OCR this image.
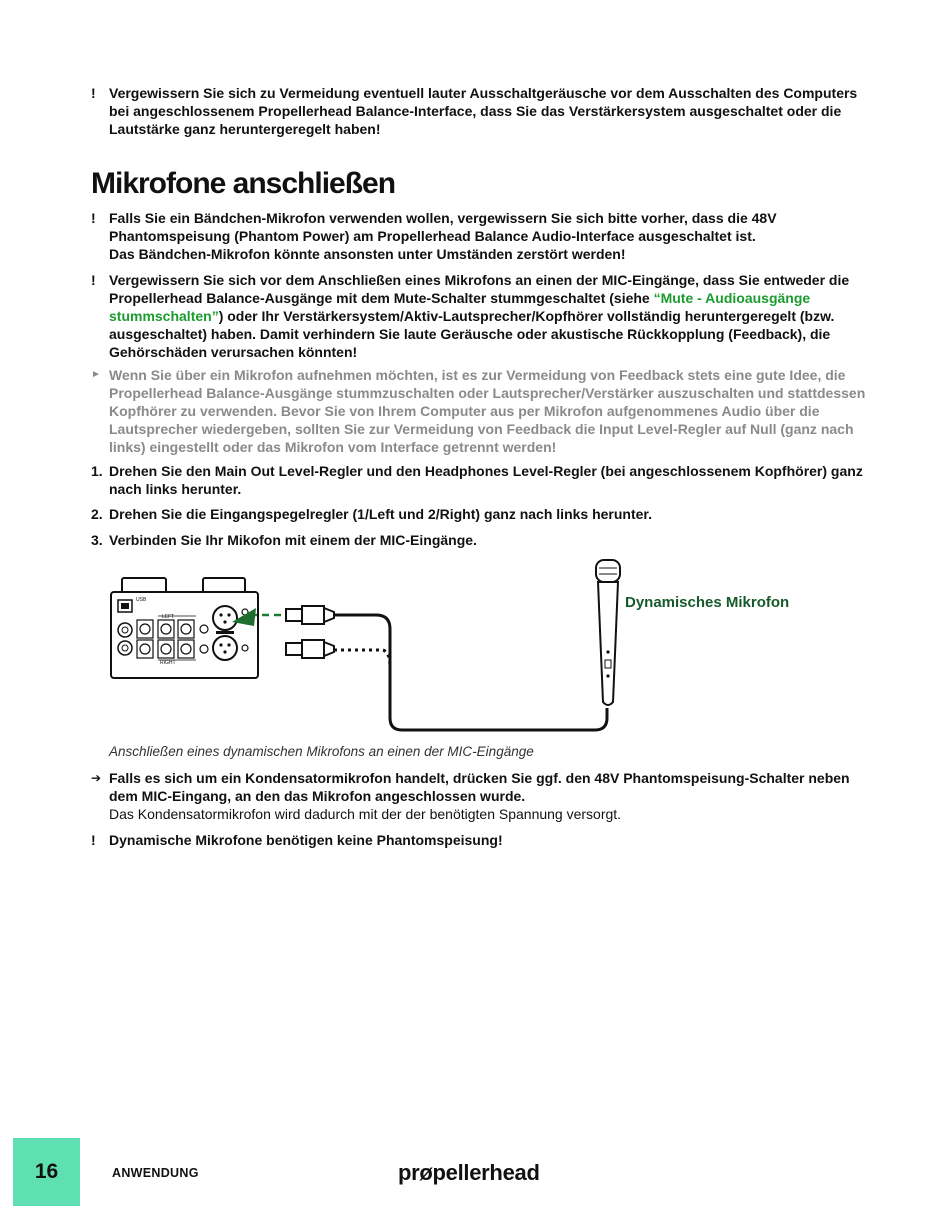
! Vergewissern Sie sich zu Vermeidung eventuell lauter Ausschaltgeräusche vor dem Ausschalten des Computers bei angeschlossenem Propellerhead Balance-Interface, dass Sie das Verstärkersystem ausgeschaltet oder die Lautstärke ganz heruntergeregelt haben!
Mikrofone anschließen
! Falls Sie ein Bändchen-Mikrofon verwenden wollen, vergewissern Sie sich bitte vorher, dass die 48V Phantomspeisung (Phantom Power) am Propellerhead Balance Audio-Interface ausgeschaltet ist.
Das Bändchen-Mikrofon könnte ansonsten unter Umständen zerstört werden!
! Vergewissern Sie sich vor dem Anschließen eines Mikrofons an einen der MIC-Eingänge, dass Sie entweder die Propellerhead Balance-Ausgänge mit dem Mute-Schalter stummgeschaltet (siehe “Mute - Audioausgänge stummschalten”) oder Ihr Verstärkersystem/Aktiv-Lautsprecher/Kopfhörer vollständig heruntergeregelt (bzw. ausgeschaltet) haben. Damit verhindern Sie laute Geräusche oder akustische Rückkopplung (Feedback), die Gehörschäden verursachen könnten!
► Wenn Sie über ein Mikrofon aufnehmen möchten, ist es zur Vermeidung von Feedback stets eine gute Idee, die Propellerhead Balance-Ausgänge stummzuschalten oder Lautsprecher/Verstärker auszuschalten und stattdessen Kopfhörer zu verwenden. Bevor Sie von Ihrem Computer aus per Mikrofon aufgenommenes Audio über die Lautsprecher wiedergeben, sollten Sie zur Vermeidung von Feedback die Input Level-Regler auf Null (ganz nach links) eingestellt oder das Mikrofon vom Interface getrennt werden!
1. Drehen Sie den Main Out Level-Regler und den Headphones Level-Regler (bei angeschlossenem Kopfhörer) ganz nach links herunter.
2. Drehen Sie die Eingangspegelregler (1/Left und 2/Right) ganz nach links herunter.
3. Verbinden Sie Ihr Mikofon mit einem der MIC-Eingänge.
USB
LEFT
RIGHT
Dynamisches Mikrofon
Anschließen eines dynamischen Mikrofons an einen der MIC-Eingänge
➔ Falls es sich um ein Kondensatormikrofon handelt, drücken Sie ggf. den 48V Phantomspeisung-Schalter neben dem MIC-Eingang, an den das Mikrofon angeschlossen wurde.
Das Kondensatormikrofon wird dadurch mit der der benötigten Spannung versorgt.
! Dynamische Mikrofone benötigen keine Phantomspeisung!
16	ANWENDUNG	prøpellerhead
